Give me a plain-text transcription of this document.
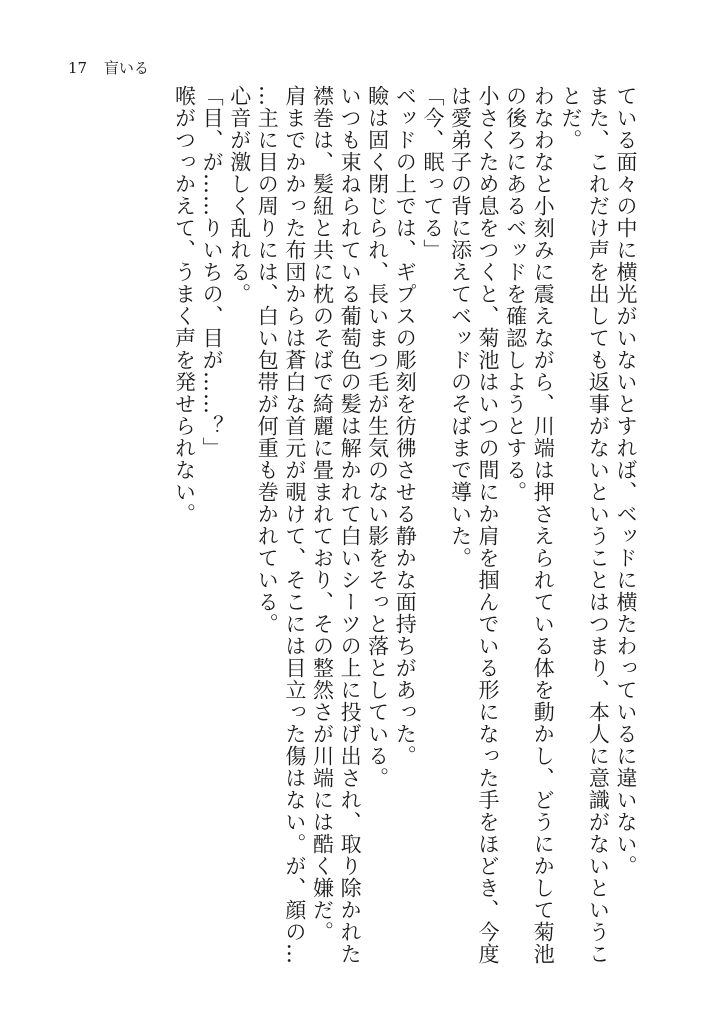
17 盲いる

ている面々の中に横光がいないとすれば、ベッドに横たわっているに違いない。

また、これだけ声を出しても返事がないということはつまり、本人に意識がないというこ

とだ。

わなわなと小刻みに震えながら、川端は押さえられている体を動かし、どうにかして菊池

の後ろにあるベッドを確認しようとする。

小さくため息をつくと、菊池はいつの間にか肩を掴んでいる形になった手をほどき、今度

は愛弟子の背に添えてベッドのそばまで導いた。

「今、眠ってる」

ベッドの上では、ギプスの彫刻を彷彿させる静かな面持ちがあった。

瞼は固く閉じられ、長いまつ毛が生気のない影をそっと落としている。

いつも束ねられている葡萄色の髪は解かれて白いシーツの上に投げ出され、取り除かれた

襟巻は、髪紐と共に枕のそばで綺麗に畳まれており、その整然さが川端には酷く嫌だ。

肩までかかった布団からは蒼白な首元が覗けて、そこには目立った傷はない。が、顔の…

…主に目の周りには、白い包帯が何重も巻かれている。

心音が激しく乱れる。

「目、が……りいちの、目が……？」

喉がつっかえて、うまく声を発せられない。
